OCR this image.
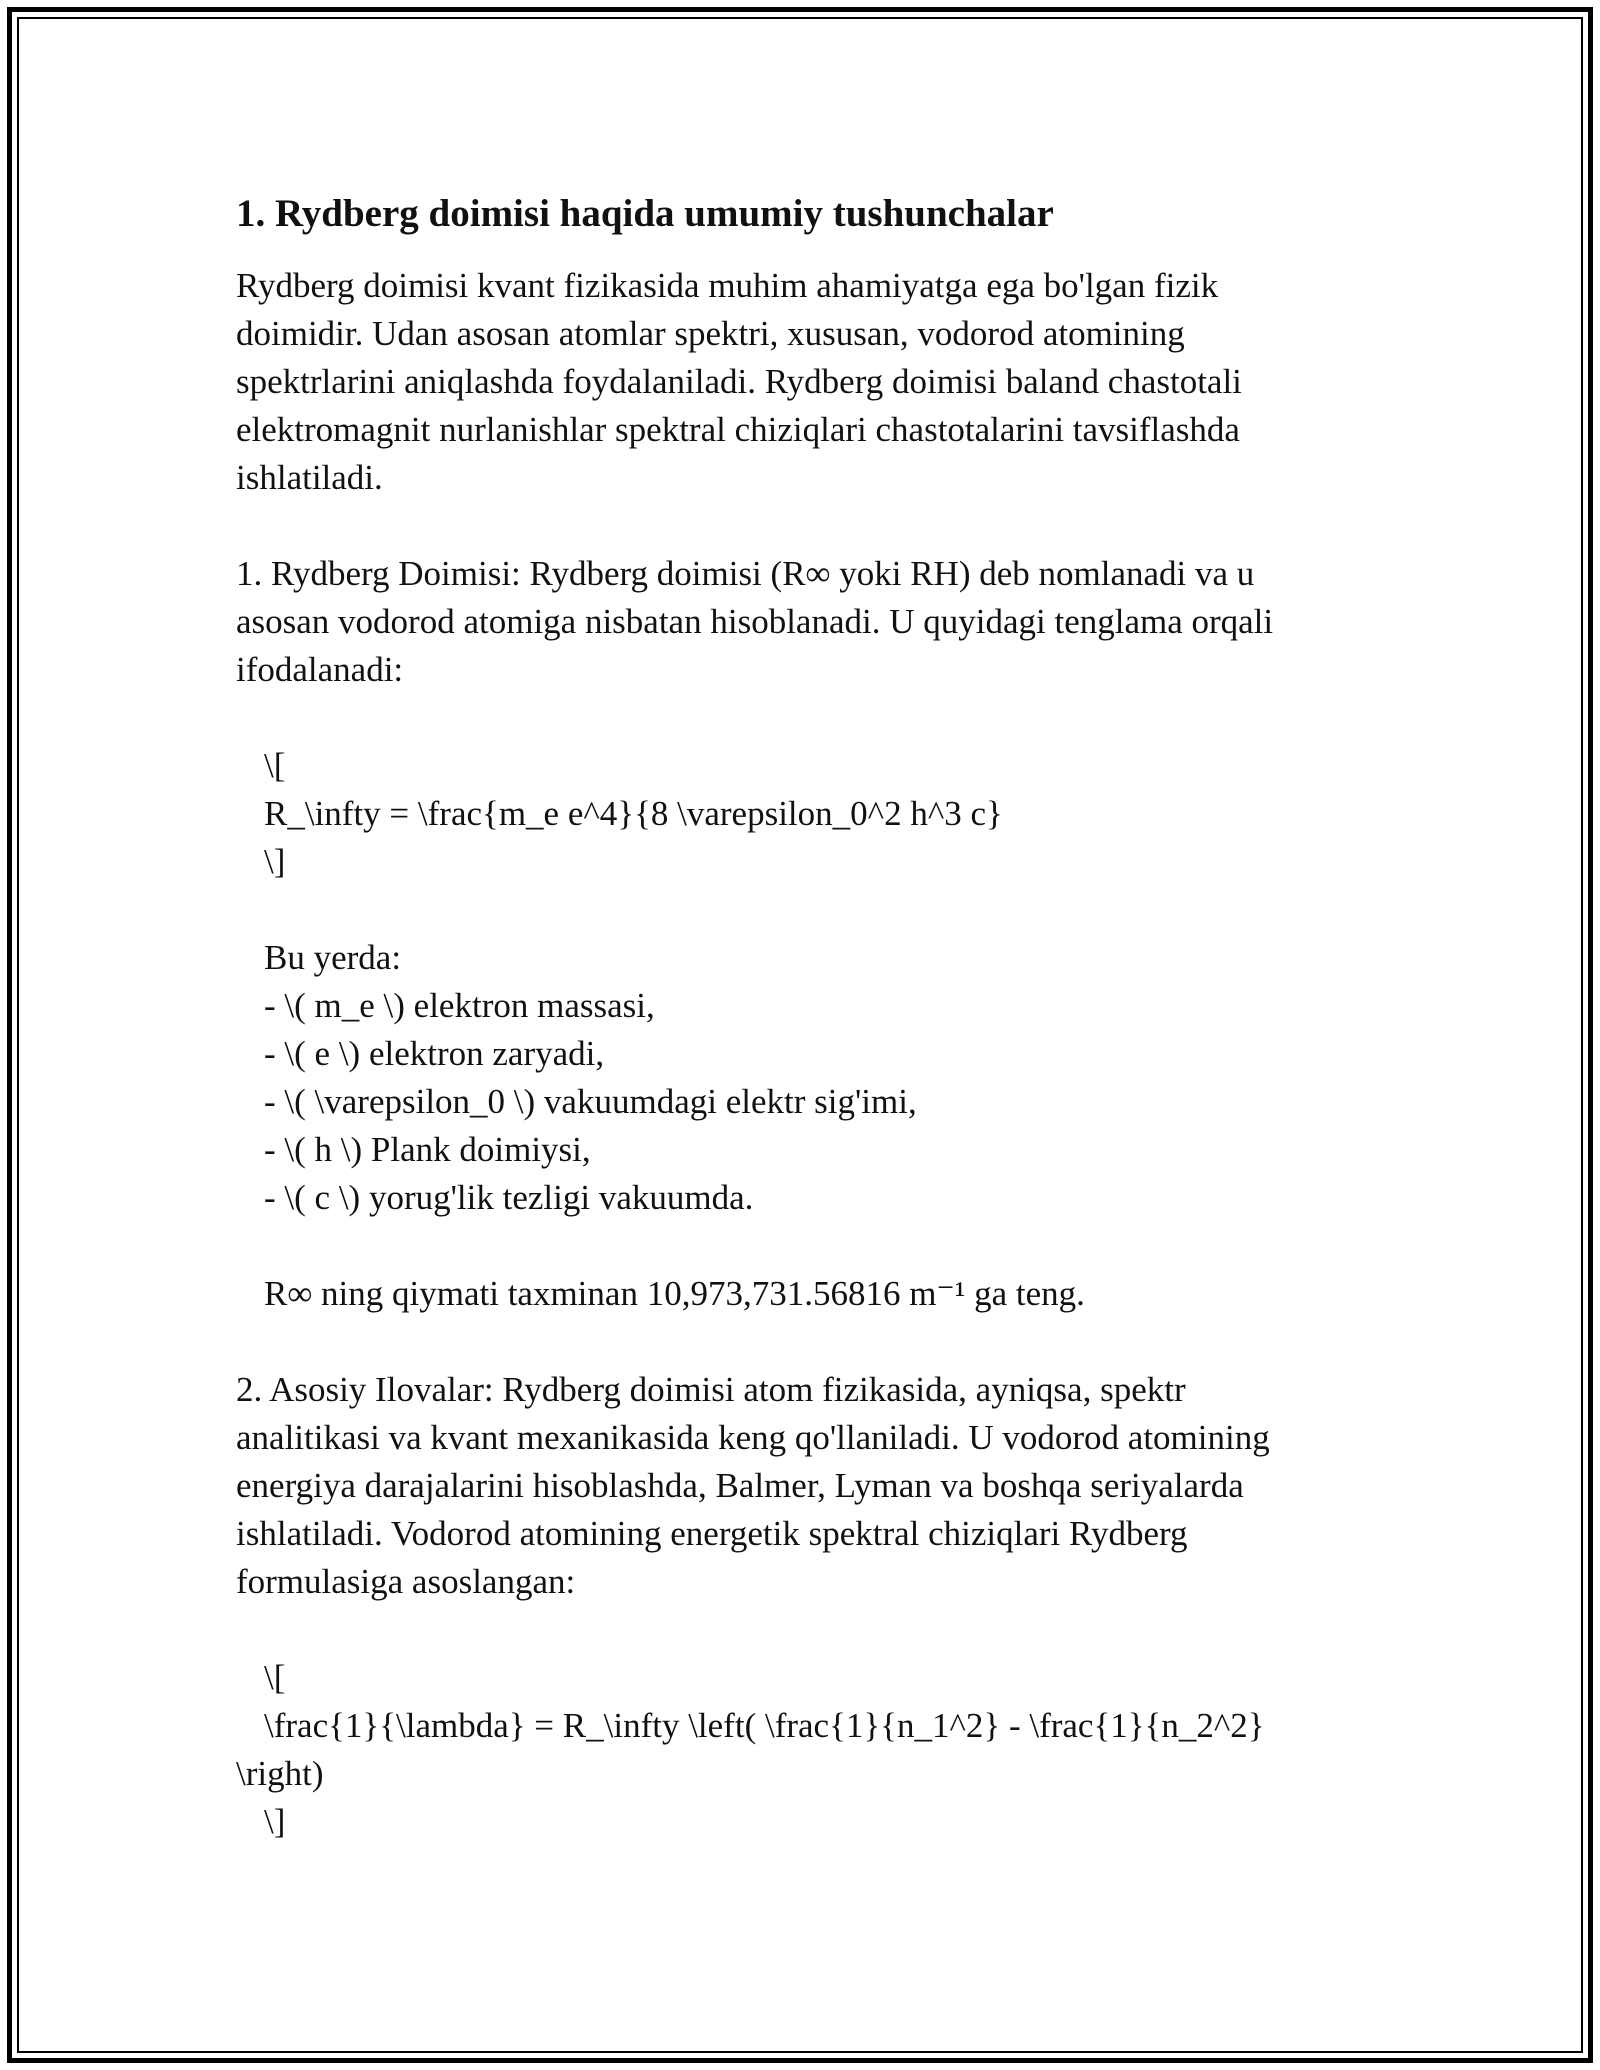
1. Rydberg doimisi haqida umumiy tushunchalar

Rydberg doimisi kvant fizikasida muhim ahamiyatga ega bo'lgan fizik

doimidir. Udan asosan atomlar spektri, xususan, vodorod atomining

spektrlarini aniqlashda foydalaniladi. Rydberg doimisi baland chastotali

elektromagnit nurlanishlar spektral chiziqlari chastotalarini tavsiflashda

ishlatiladi.

1. Rydberg Doimisi: Rydberg doimisi (R∞ yoki RH) deb nomlanadi va u

asosan vodorod atomiga nisbatan hisoblanadi. U quyidagi tenglama orqali

ifodalanadi:

\[

R_\infty = \frac{m_e e^4}{8 \varepsilon_0^2 h^3 c}

\]

Bu yerda:

- \( m_e \) elektron massasi,

- \( e \) elektron zaryadi,

- \( \varepsilon_0 \) vakuumdagi elektr sig'imi,

- \( h \) Plank doimiysi,

- \( c \) yorug'lik tezligi vakuumda.

R∞ ning qiymati taxminan 10,973,731.56816 m⁻¹ ga teng.

2. Asosiy Ilovalar: Rydberg doimisi atom fizikasida, ayniqsa, spektr

analitikasi va kvant mexanikasida keng qo'llaniladi. U vodorod atomining

energiya darajalarini hisoblashda, Balmer, Lyman va boshqa seriyalarda

ishlatiladi. Vodorod atomining energetik spektral chiziqlari Rydberg

formulasiga asoslangan:

\[

\frac{1}{\lambda} = R_\infty \left( \frac{1}{n_1^2} - \frac{1}{n_2^2}

\right)

\]
